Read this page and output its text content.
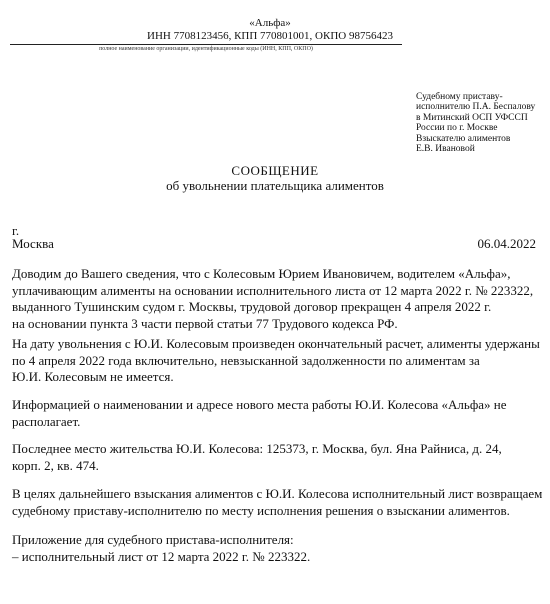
«Альфа»
ИНН 7708123456, КПП 770801001, ОКПО 98756423
полное наименование организации, идентификационные коды (ИНН, КПП, ОКПО)
Судебному приставу-
исполнителю П.А. Беспалову
в Митинский ОСП УФССП
России по г. Москве
Взыскателю алиментов
Е.В. Ивановой
СООБЩЕНИЕ
об увольнении плательщика алиментов
г.
Москва	06.04.2022
Доводим до Вашего сведения, что с Колесовым Юрием Ивановичем, водителем «Альфа»,
уплачивающим алименты на основании исполнительного листа от 12 марта 2022 г. № 223322,
выданного Тушинским судом г. Москвы, трудовой договор прекращен 4 апреля 2022 г.
на основании пункта 3 части первой статьи 77 Трудового кодекса РФ.
На дату увольнения с Ю.И. Колесовым произведен окончательный расчет, алименты удержаны
по 4 апреля 2022 года включительно, невзысканной задолженности по алиментам за
Ю.И. Колесовым не имеется.
Информацией о наименовании и адресе нового места работы Ю.И. Колесова «Альфа» не
располагает.
Последнее место жительства Ю.И. Колесова: 125373, г. Москва, бул. Яна Райниса, д. 24,
корп. 2, кв. 474.
В целях дальнейшего взыскания алиментов с Ю.И. Колесова исполнительный лист возвращаем
судебному приставу-исполнителю по месту исполнения решения о взыскании алиментов.
Приложение для судебного пристава-исполнителя:
– исполнительный лист от 12 марта 2022 г. № 223322.
